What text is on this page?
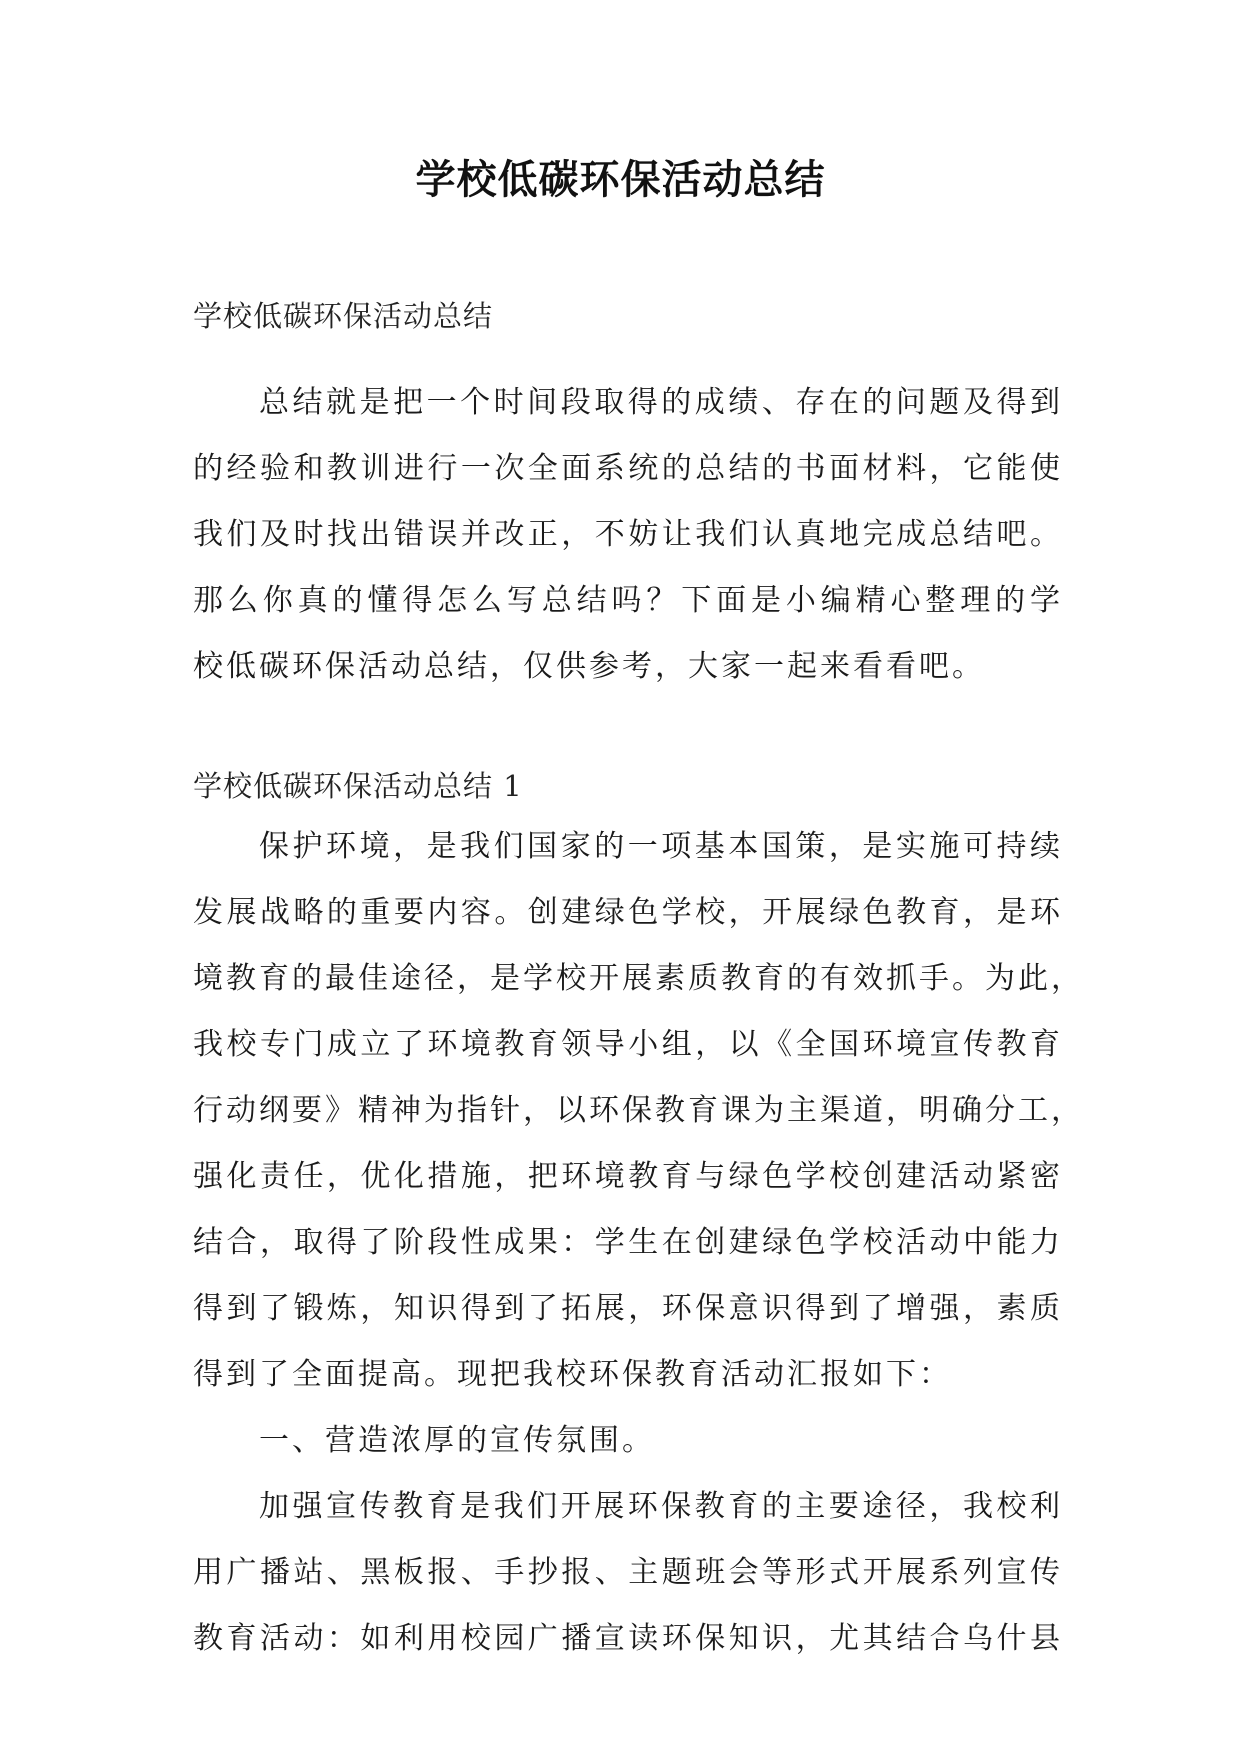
学校低碳环保活动总结

学校低碳环保活动总结

总结就是把一个时间段取得的成绩、存在的问题及得到
的经验和教训进行一次全面系统的总结的书面材料，它能使
我们及时找出错误并改正，不妨让我们认真地完成总结吧。
那么你真的懂得怎么写总结吗？下面是小编精心整理的学
校低碳环保活动总结，仅供参考，大家一起来看看吧。

学校低碳环保活动总结 1

保护环境，是我们国家的一项基本国策，是实施可持续
发展战略的重要内容。创建绿色学校，开展绿色教育，是环
境教育的最佳途径，是学校开展素质教育的有效抓手。为此，
我校专门成立了环境教育领导小组，以《全国环境宣传教育
行动纲要》精神为指针，以环保教育课为主渠道，明确分工，
强化责任，优化措施，把环境教育与绿色学校创建活动紧密
结合，取得了阶段性成果：学生在创建绿色学校活动中能力
得到了锻炼，知识得到了拓展，环保意识得到了增强，素质
得到了全面提高。现把我校环保教育活动汇报如下：
一、营造浓厚的宣传氛围。
加强宣传教育是我们开展环保教育的主要途径，我校利
用广播站、黑板报、手抄报、主题班会等形式开展系列宣传
教育活动：如利用校园广播宣读环保知识，尤其结合乌什县
